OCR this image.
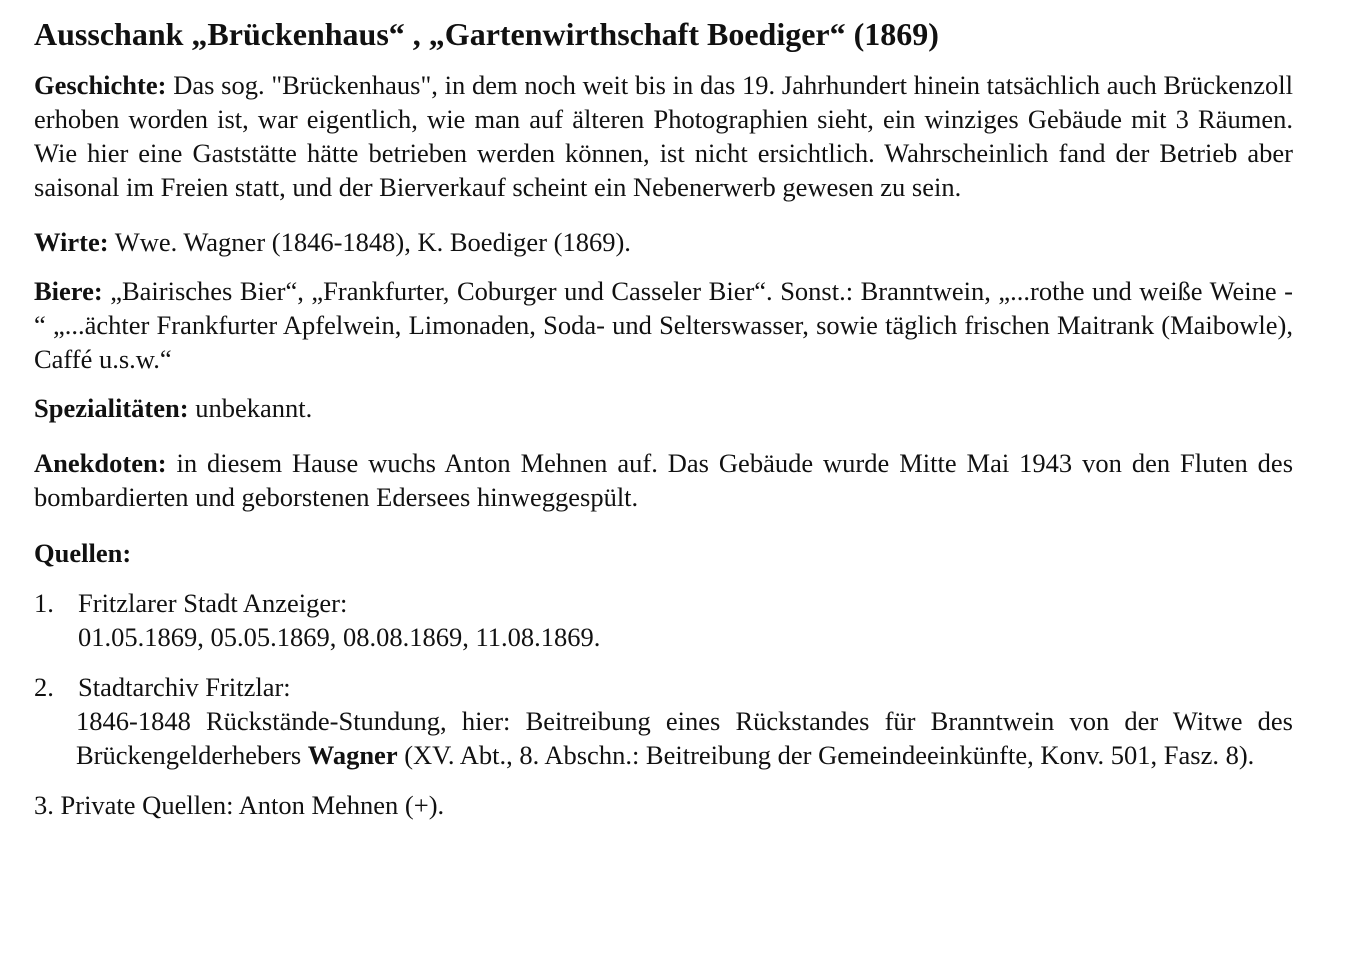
Ausschank „Brückenhaus“ , „Gartenwirthschaft Boediger“ (1869)

Geschichte: Das sog. "Brückenhaus", in dem noch weit bis in das 19. Jahrhundert hinein tatsächlich auch Brückenzoll erhoben worden ist, war eigentlich, wie man auf älteren Photographien sieht, ein winziges Gebäude mit 3 Räumen. Wie hier eine Gaststätte hätte betrieben werden können, ist nicht ersichtlich. Wahrscheinlich fand der Betrieb aber saisonal im Freien statt, und der Bierverkauf scheint ein Nebenerwerb gewesen zu sein.

Wirte: Wwe. Wagner (1846-1848), K. Boediger (1869).

Biere: „Bairisches Bier“, „Frankfurter, Coburger und Casseler Bier“. Sonst.: Branntwein, „...rothe und weiße Weine - “ „...ächter Frankfurter Apfelwein, Limonaden, Soda- und Selterswasser, sowie täglich frischen Maitrank (Maibowle), Caffé u.s.w.“

Spezialitäten: unbekannt.

Anekdoten: in diesem Hause wuchs Anton Mehnen auf. Das Gebäude wurde Mitte Mai 1943 von den Fluten des bombardierten und geborstenen Edersees hinweggespült.

Quellen:

1. Fritzlarer Stadt Anzeiger:
01.05.1869, 05.05.1869, 08.08.1869, 11.08.1869.
2. Stadtarchiv Fritzlar:
1846-1848 Rückstände-Stundung, hier: Beitreibung eines Rückstandes für Branntwein von der Witwe des Brückengelderhebers Wagner (XV. Abt., 8. Abschn.: Beitreibung der Gemeindeeinkünfte, Konv. 501, Fasz. 8).
3. Private Quellen: Anton Mehnen (+).
